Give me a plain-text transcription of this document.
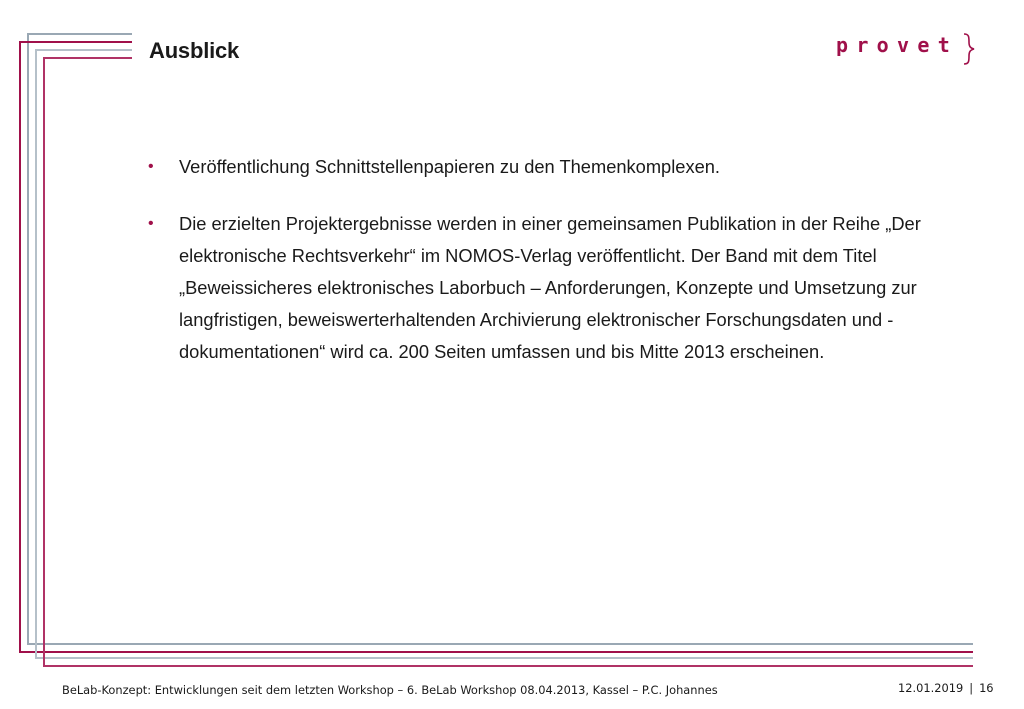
Ausblick	provet
•	Veröffentlichung Schnittstellenpapieren zu den Themenkomplexen.
•	Die erzielten Projektergebnisse werden in einer gemeinsamen Publikation in der Reihe „Der elektronische Rechtsverkehr“ im NOMOS-Verlag veröffentlicht. Der Band mit dem Titel „Beweissicheres elektronisches Laborbuch – Anforderungen, Konzepte und Umsetzung zur langfristigen, beweiswerterhaltenden Archivierung elektronischer Forschungsdaten und -dokumentationen“ wird ca. 200 Seiten umfassen und bis Mitte 2013 erscheinen.
BeLab-Konzept: Entwicklungen seit dem letzten Workshop – 6. BeLab Workshop 08.04.2013, Kassel – P.C. Johannes	12.01.2019 | 16
